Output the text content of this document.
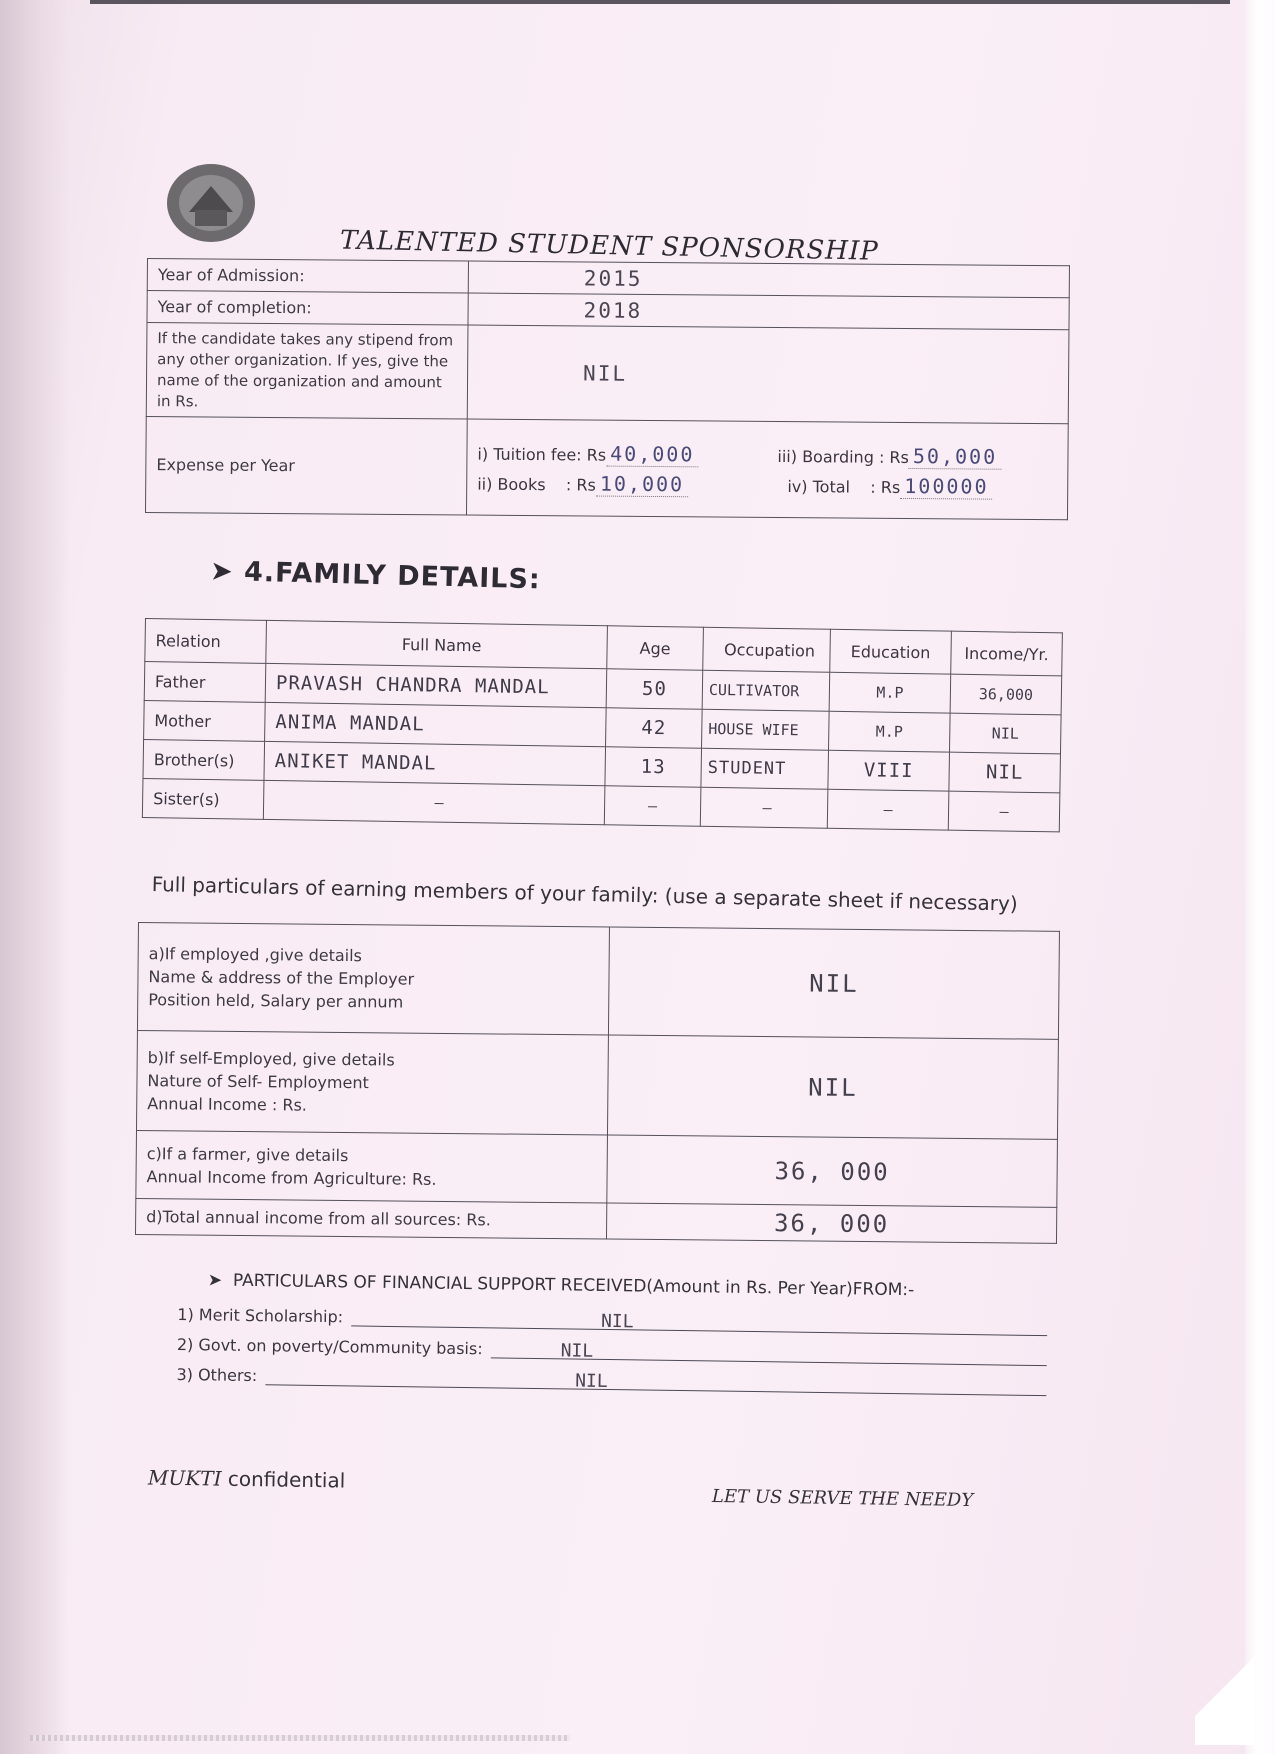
TALENTED STUDENT SPONSORSHIP
Year of Admission:	2015

Year of completion:	2018

If the candidate takes any stipend from any other organization. If yes, give the name of the organization and amount in Rs.	NIL

Expense per Year	i) Tuition fee: Rs 40,000 iii) Boarding : Rs 50,000
ii) Books : Rs 10,000 iv) Total : Rs 100000
➤ 4.FAMILY DETAILS:
Relation	Full Name	Age	Occupation	Education	Income/Yr.
Father	PRAVASH CHANDRA MANDAL	50	CULTIVATOR	M.P	36,000
Mother	ANIMA MANDAL	42	HOUSE WIFE	M.P	NIL
Brother(s)	ANIKET MANDAL	13	STUDENT	VIII	NIL
Sister(s)	—	—	—	—	—
Full particulars of earning members of your family: (use a separate sheet if necessary)
a)If employed ,give details
Name & address of the Employer
Position held, Salary per annum	NIL

b)If self-Employed, give details
Nature of Self- Employment
Annual Income : Rs.	NIL

c)If a farmer, give details
Annual Income from Agriculture: Rs.	36, 000

d)Total annual income from all sources: Rs.	36, 000
➤ PARTICULARS OF FINANCIAL SUPPORT RECEIVED(Amount in Rs. Per Year)FROM:-
1) Merit Scholarship:	NIL
2) Govt. on poverty/Community basis:	NIL
3) Others:	NIL
MUKTI confidential
LET US SERVE THE NEEDY
